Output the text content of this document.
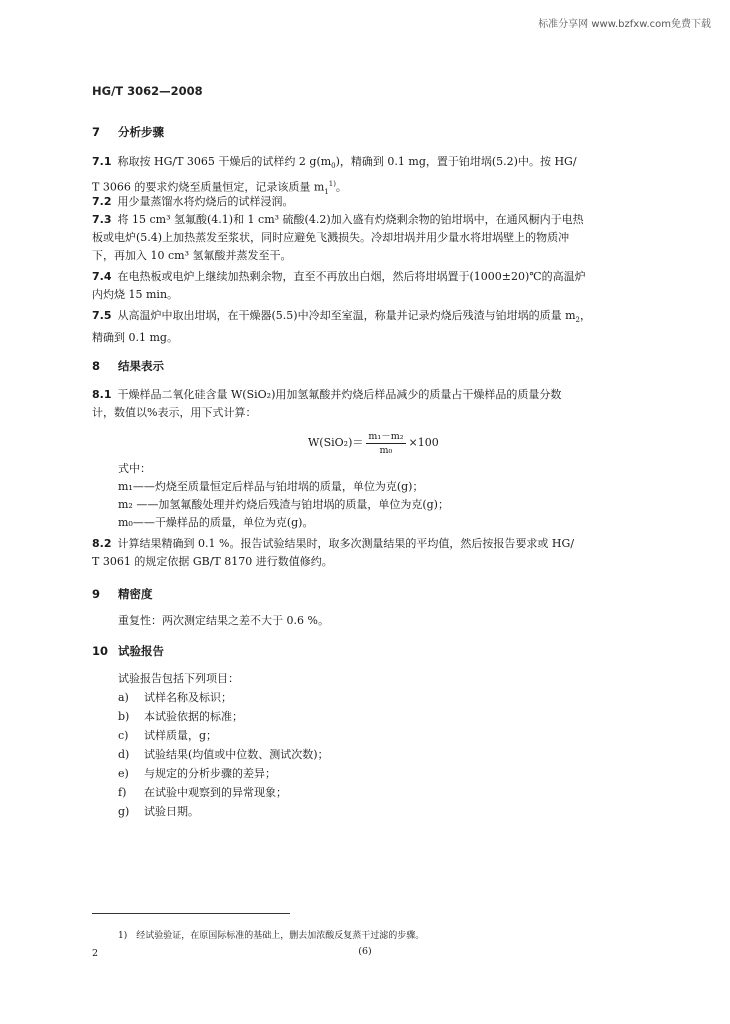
标准分享网 www.bzfxw.com免费下载
HG/T 3062—2008
7 分析步骤
7.1 称取按 HG/T 3065 干燥后的试样约 2 $g(m_0)$，精确到 0.1 mg，置于铂坩埚(5.2)中。按 HG/
T 3066 的要求灼烧至质量恒定，记录该质量 $m_1^{1)}$。
7.2 用少量蒸馏水将灼烧后的试样浸润。
7.3 将 15 cm³ 氢氟酸(4.1)和 1 cm³ 硫酸(4.2)加入盛有灼烧剩余物的铂坩埚中，在通风橱内于电热
板或电炉(5.4)上加热蒸发至浆状，同时应避免飞溅损失。冷却坩埚并用少量水将坩埚壁上的物质冲
下，再加入 10 cm³ 氢氟酸并蒸发至干。
7.4 在电热板或电炉上继续加热剩余物，直至不再放出白烟，然后将坩埚置于(1000±20)℃的高温炉
内灼烧 15 min。
7.5 从高温炉中取出坩埚，在干燥器(5.5)中冷却至室温，称量并记录灼烧后残渣与铂坩埚的质量 $m_2$，
精确到 0.1 mg。
8 结果表示
8.1 干燥样品二氧化硅含量 W(SiO₂)用加氢氟酸并灼烧后样品减少的质量占干燥样品的质量分数
计，数值以%表示，用下式计算：
$W(SiO_2)= \frac{\text{m₁－m₂}}{\text{m₀}} \times 100$
式中：
m₁——灼烧至质量恒定后样品与铂坩埚的质量，单位为克(g)；
m₂ ——加氢氟酸处理并灼烧后残渣与铂坩埚的质量，单位为克(g)；
m₀——干燥样品的质量，单位为克(g)。
8.2 计算结果精确到 0.1 %。报告试验结果时，取多次测量结果的平均值，然后按报告要求或 HG/
T 3061 的规定依据 GB/T 8170 进行数值修约。
9 精密度
重复性：两次测定结果之差不大于 0.6 %。
10 试验报告
试验报告包括下列项目：
a) 试样名称及标识；
b) 本试验依据的标准；
c) 试样质量，g；
d) 试验结果(均值或中位数、测试次数)；
e) 与规定的分析步骤的差异；
f) 在试验中观察到的异常现象；
g) 试验日期。
1)　经试验验证，在原国际标准的基础上，删去加浓酸反复蒸干过滤的步骤。
2	(6)
